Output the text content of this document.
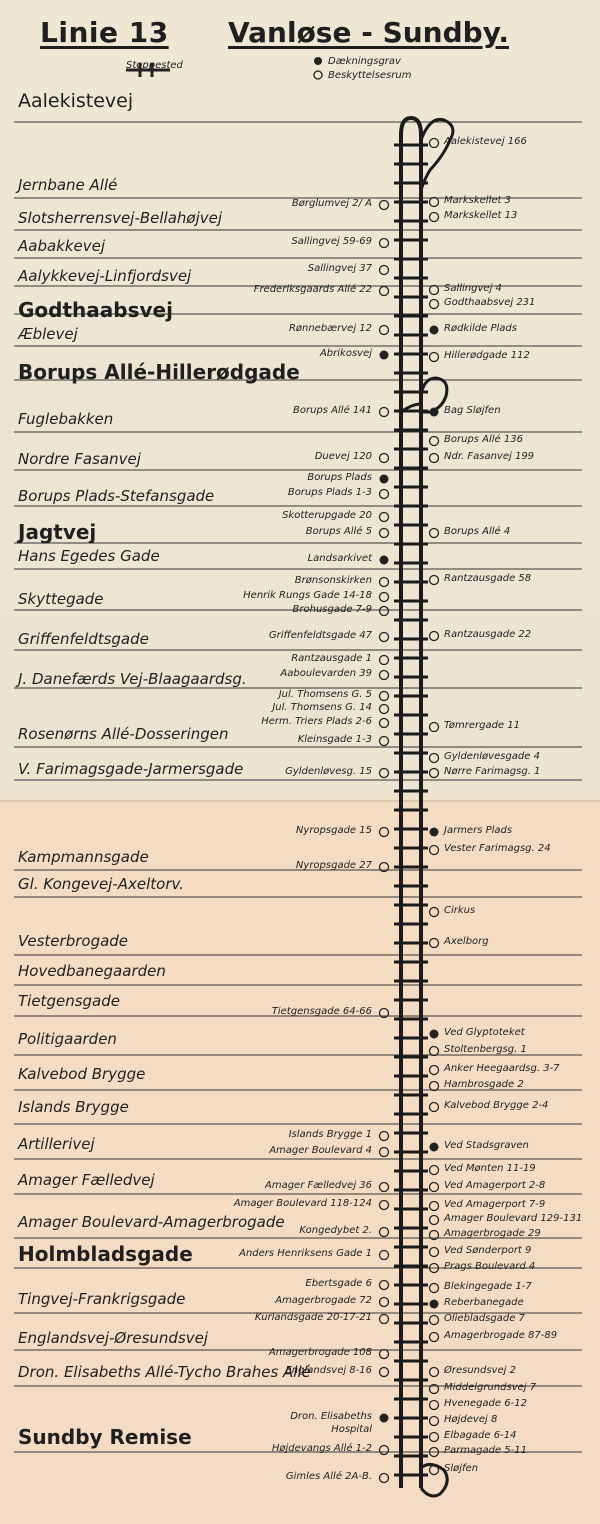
Linie 13 Vanløse - Sundby.
Stoppested	Dækningsgrav
Beskyttelsesrum
Aalekistevej
Jernbane Allé
Slotsherrensvej-Bellahøjvej
Aabakkevej
Aalykkevej-Linfjordsvej
Godthaabsvej
Æblevej
Borups Allé-Hillerødgade
Fuglebakken
Nordre Fasanvej
Borups Plads-Stefansgade
Jagtvej
Hans Egedes Gade
Skyttegade
Griffenfeldtsgade
J. Danefærds Vej-Blaagaardsg.
Rosenørns Allé-Dosseringen
V. Farimagsgade-Jarmersgade
Kampmannsgade
Gl. Kongevej-Axeltorv.
Vesterbrogade
Hovedbanegaarden
Tietgensgade
Politigaarden
Kalvebod Brygge
Islands Brygge
Artillerivej
Amager Fælledvej
Amager Boulevard-Amagerbrogade
Holmbladsgade
Tingvej-Frankrigsgade
Englandsvej-Øresundsvej
Dron. Elisabeths Allé-Tycho Brahes Allé
Sundby Remise
Børglumvej 2/ A
Sallingvej 59-69
Sallingvej 37
Frederiksgaards Allé 22
Rønnebærvej 12
Abrikosvej
Borups Allé 141
Duevej 120
Borups Plads
Borups Plads 1-3
Skotterupgade 20
Borups Allé 5
Landsarkivet
Brønsonskirken
Henrik Rungs Gade 14-18
Brohusgade 7-9
Griffenfeldtsgade 47
Rantzausgade 1
Aaboulevarden 39
Jul. Thomsens G. 5
Jul. Thomsens G. 14
Herm. Triers Plads 2-6
Kleinsgade 1-3
Gyldenløvesg. 15
Nyropsgade 15
Nyropsgade 27
Tietgensgade 64-66
Islands Brygge 1
Amager Boulevard 4
Amager Fælledvej 36
Amager Boulevard 118-124
Kongedybet 2.
Anders Henriksens Gade 1
Ebertsgade 6
Amagerbrogade 72
Kurlandsgade 20-17-21
Amagerbrogade 108
Englandsvej 8-16
Dron. Elisabeths
Hospital
Højdevangs Allé 1-2
Gimles Allé 2A-B.
Aalekistevej 166
Markskellet 3
Markskellet 13
Sallingvej 4
Godthaabsvej 231
Rødkilde Plads
Hillerødgade 112
Bag Sløjfen
Borups Allé 136
Ndr. Fasanvej 199
Borups Allé 4
Rantzausgade 58
Rantzausgade 22
Tømrergade 11
Gyldenløvesgade 4
Nørre Farimagsg. 1
Jarmers Plads
Vester Farimagsg. 24
Cirkus
Axelborg
Ved Glyptoteket
Stoltenbergsg. 1
Anker Heegaardsg. 3-7
Hambrosgade 2
Kalvebod Brygge 2-4
Ved Stadsgraven
Ved Mønten 11-19
Ved Amagerport 2-8
Ved Amagerport 7-9
Amager Boulevard 129-131
Amagerbrogade 29
Ved Sønderport 9
Prags Boulevard 4
Blekingegade 1-7
Reberbanegade
Oliebladsgade 7
Amagerbrogade 87-89
Øresundsvej 2
Middelgrundsvej 7
Hvenegade 6-12
Højdevej 8
Elbagade 6-14
Parmagade 5-11
Sløjfen
